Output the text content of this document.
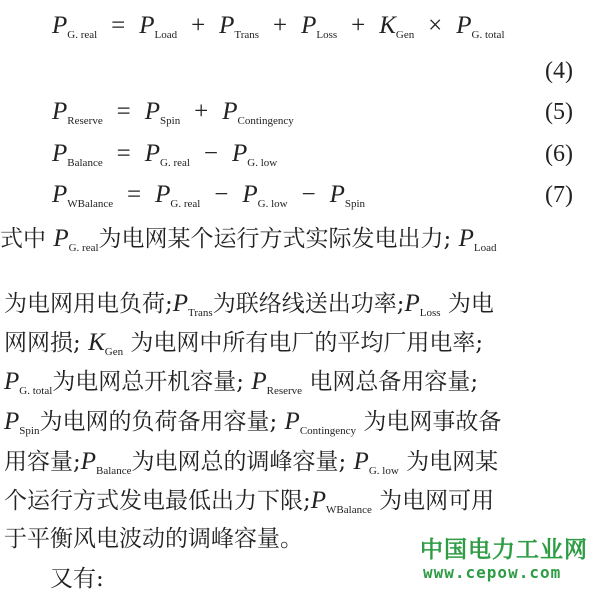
$P_{G. real} = P_{Load} + P_{Trans} + P_{Loss} + K_{Gen} \times P_{G. total}$
(4)
$P_{Reserve} = P_{Spin} + P_{Contingency}$	(5)
$P_{Balance} = P_{G. real} - P_{G. low}$	(6)
$P_{WBalance} = P_{G. real} - P_{G. low} - P_{Spin}$	(7)
式中 $P_{G. real}$为电网某个运行方式实际发电出力; $P_{Load}$
为电网用电负荷$;P_{Trans}$为联络线送出功率$;P_{Loss}$ 为电
网网损; $K_{Gen}$ 为电网中所有电厂的平均厂用电率;
$P_{G. total}$为电网总开机容量; $P_{Reserve}$ 电网总备用容量;
$P_{Spin}$为电网的负荷备用容量; $P_{Contingency}$ 为电网事故备
用容量$;P_{Balance}$为电网总的调峰容量; $P_{G. low}$ 为电网某
个运行方式发电最低出力下限$;P_{WBalance}$ 为电网可用
于平衡风电波动的调峰容量。
又有:
中国电力工业网
www.cepow.com
